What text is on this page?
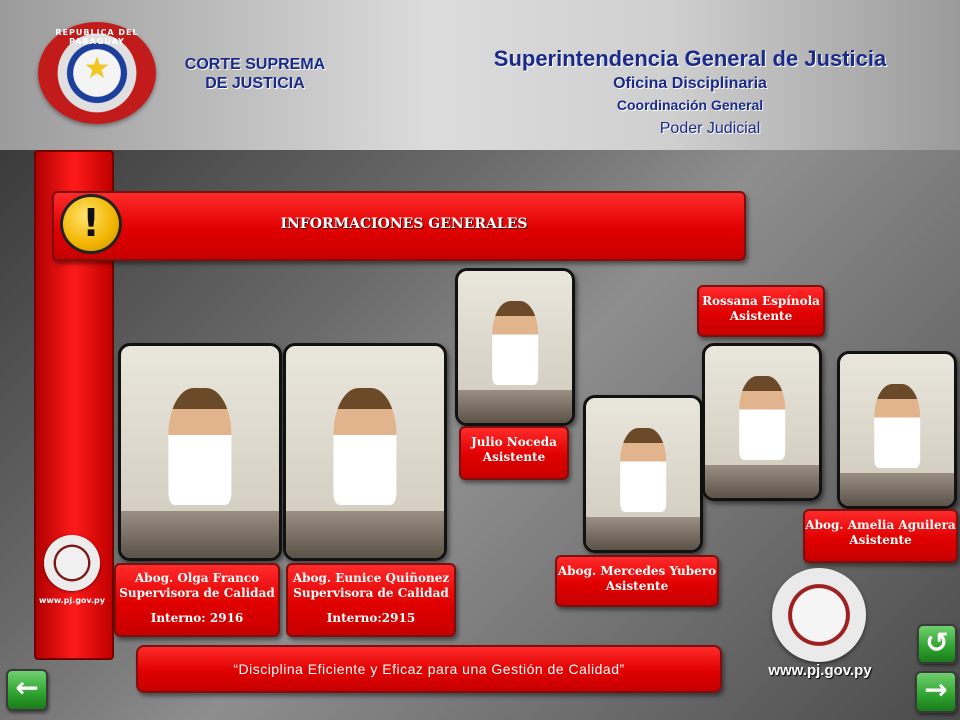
REPUBLICA DEL PARAGUAY
★	CORTE SUPREMA
DE JUSTICIA
Superintendencia General de Justicia
Oficina Disciplinaria
Coordinación General
Poder Judicial
www.pj.gov.py
INFORMACIONES GENERALES
!
Abog. Olga Franco
Supervisora de Calidad
Interno: 2916
Abog. Eunice Quiñonez
Supervisora de Calidad
Interno:2915
Julio Noceda
Asistente
Abog. Mercedes Yubero
Asistente
Rossana Espínola
Asistente
Abog. Amelia Aguilera
Asistente
“Disciplina Eficiente y Eficaz para una Gestión de Calidad”	www.pj.gov.py
←
↺
→
